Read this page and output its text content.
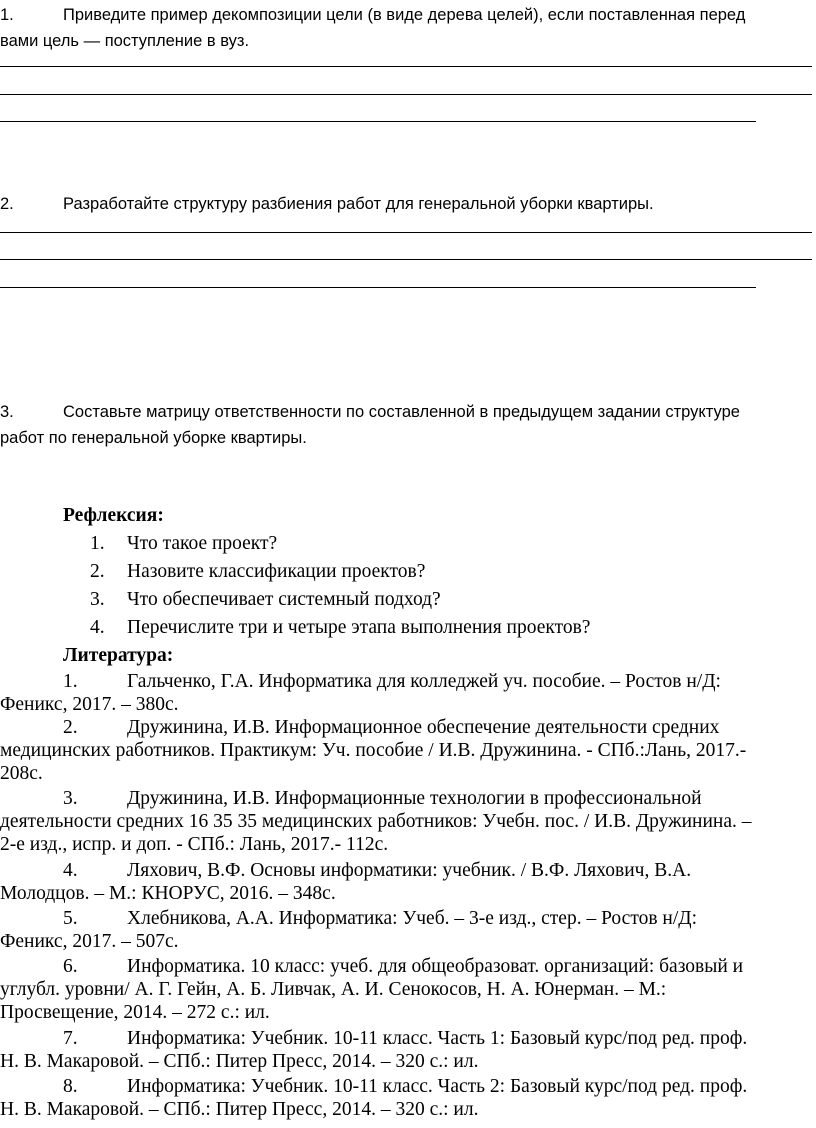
1.	Приведите пример декомпозиции цели (в виде дерева целей), если поставленная перед
вами цель — поступление в вуз.
2.	Разработайте структуру разбиения работ для генеральной уборки квартиры.
3.	Составьте матрицу ответственности по составленной в предыдущем задании структуре
работ по генеральной уборке квартиры.
Рефлексия:
1. Что такое проект?
2. Назовите классификации проектов?
3. Что обеспечивает системный подход?
4. Перечислите три и четыре этапа выполнения проектов?
Литература:
1.	Гальченко, Г.А. Информатика для колледжей уч. пособие. – Ростов н/Д:
Феникс, 2017. – 380с.
2.	Дружинина, И.В. Информационное обеспечение деятельности средних
медицинских работников. Практикум: Уч. пособие / И.В. Дружинина. - СПб.:Лань, 2017.-
208с.
3.	Дружинина, И.В. Информационные технологии в профессиональной
деятельности средних 16 35 35 медицинских работников: Учебн. пос. / И.В. Дружинина. –
2-е изд., испр. и доп. - СПб.: Лань, 2017.- 112с.
4.	Ляхович, В.Ф. Основы информатики: учебник. / В.Ф. Ляхович, В.А.
Молодцов. – М.: КНОРУС, 2016. – 348с.
5.	Хлебникова, А.А. Информатика: Учеб. – 3-е изд., стер. – Ростов н/Д:
Феникс, 2017. – 507с.
6.	Информатика. 10 класс: учеб. для общеобразоват. организаций: базовый и
углубл. уровни/ А. Г. Гейн, А. Б. Ливчак, А. И. Сенокосов, Н. А. Юнерман. – М.:
Просвещение, 2014. – 272 с.: ил.
7.	Информатика: Учебник. 10-11 класс. Часть 1: Базовый курс/под ред. проф.
Н. В. Макаровой. – СПб.: Питер Пресс, 2014. – 320 с.: ил.
8.	Информатика: Учебник. 10-11 класс. Часть 2: Базовый курс/под ред. проф.
Н. В. Макаровой. – СПб.: Питер Пресс, 2014. – 320 с.: ил.
